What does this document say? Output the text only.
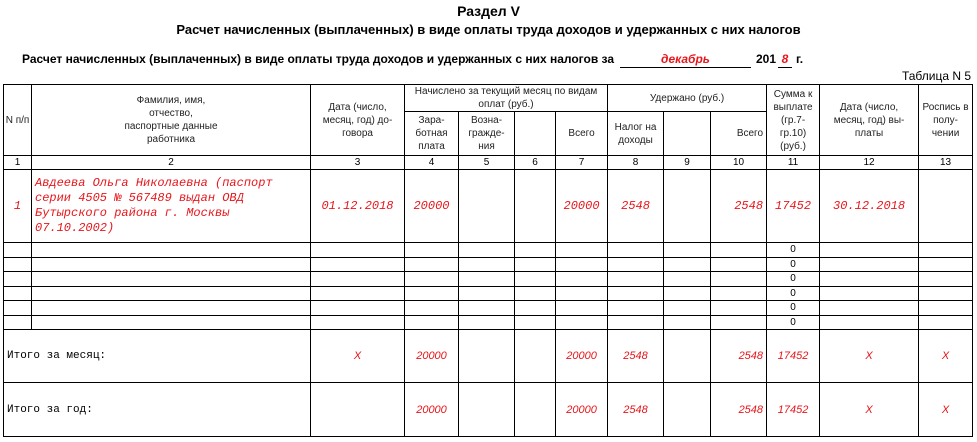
Раздел V
Расчет начисленных (выплаченных) в виде оплаты труда доходов и удержанных с них налогов
Расчет начисленных (выплаченных) в виде оплаты труда доходов и удержанных с них налогов за	декабрь	201 8 г.
Таблица N 5
N п/п	Фамилия, имя, отчество, паспортные данные работника	Дата (число, месяц, год) до-говора	Начислено за текущий месяц по видам оплат (руб.)				Удержано (руб.)			Сумма к выплате (гр.7-гр.10) (руб.)	Дата (число, месяц, год) вы-платы	Роспись в полу-чении
			Зара-ботная плата	Возна-гражде-ния		Всего	Налог на доходы		Всего			
1	2	3	4	5	6	7	8	9	10	11	12	13
1	Авдеева Ольга Николаевна (паспорт серии 4505 № 567489 выдан ОВД Бутырского района г. Москвы 07.10.2002)	01.12.2018	20000			20000	2548		2548	17452	30.12.2018	
										0		
										0		
										0		
										0		
										0		
										0		
Итого за месяц:		X	20000			20000	2548		2548	17452	X	X
Итого за год:			20000			20000	2548		2548	17452	X	X
